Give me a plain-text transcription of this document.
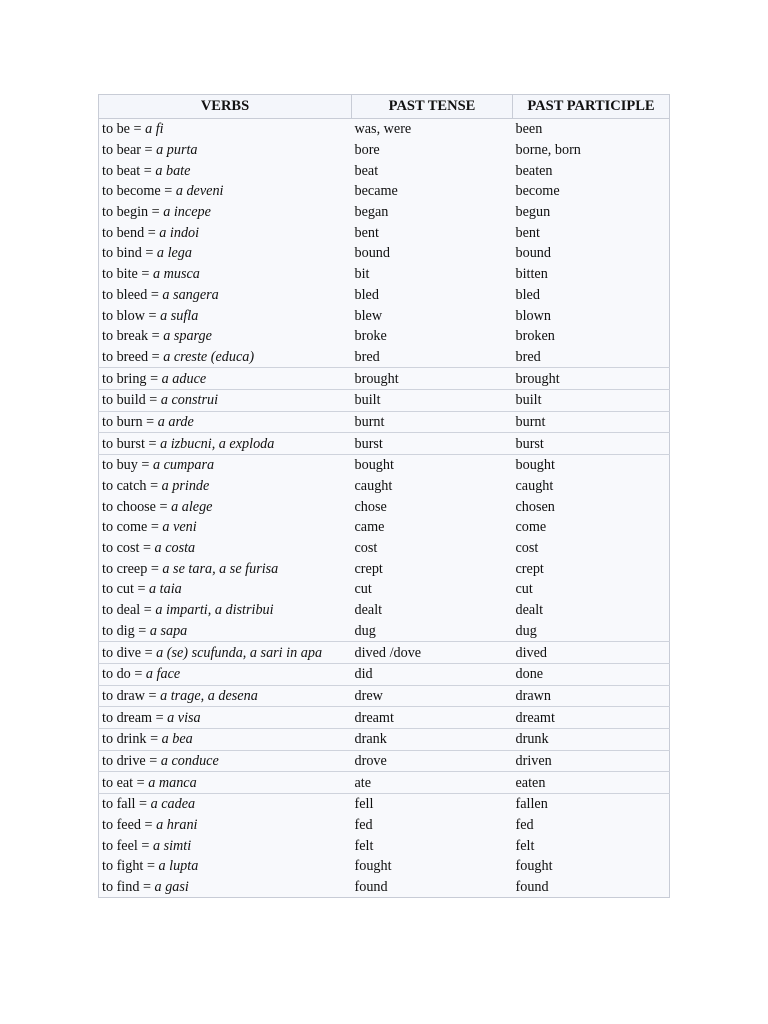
VERBS	PAST TENSE	PAST PARTICIPLE
to be = a fi	was, were	been
to bear = a purta	bore	borne, born
to beat = a bate	beat	beaten
to become = a deveni	became	become
to begin = a incepe	began	begun
to bend = a indoi	bent	bent
to bind = a lega	bound	bound
to bite = a musca	bit	bitten
to bleed = a sangera	bled	bled
to blow = a sufla	blew	blown
to break = a sparge	broke	broken
to breed = a creste (educa)	bred	bred
to bring = a aduce	brought	brought
to build = a construi	built	built
to burn = a arde	burnt	burnt
to burst = a izbucni, a exploda	burst	burst
to buy = a cumpara	bought	bought
to catch = a prinde	caught	caught
to choose = a alege	chose	chosen
to come = a veni	came	come
to cost = a costa	cost	cost
to creep = a se tara, a se furisa	crept	crept
to cut = a taia	cut	cut
to deal = a imparti, a distribui	dealt	dealt
to dig = a sapa	dug	dug
to dive = a (se) scufunda, a sari in apa	dived /dove	dived
to do = a face	did	done
to draw = a trage, a desena	drew	drawn
to dream = a visa	dreamt	dreamt
to drink = a bea	drank	drunk
to drive = a conduce	drove	driven
to eat = a manca	ate	eaten
to fall = a cadea	fell	fallen
to feed = a hrani	fed	fed
to feel = a simti	felt	felt
to fight = a lupta	fought	fought
to find = a gasi	found	found
